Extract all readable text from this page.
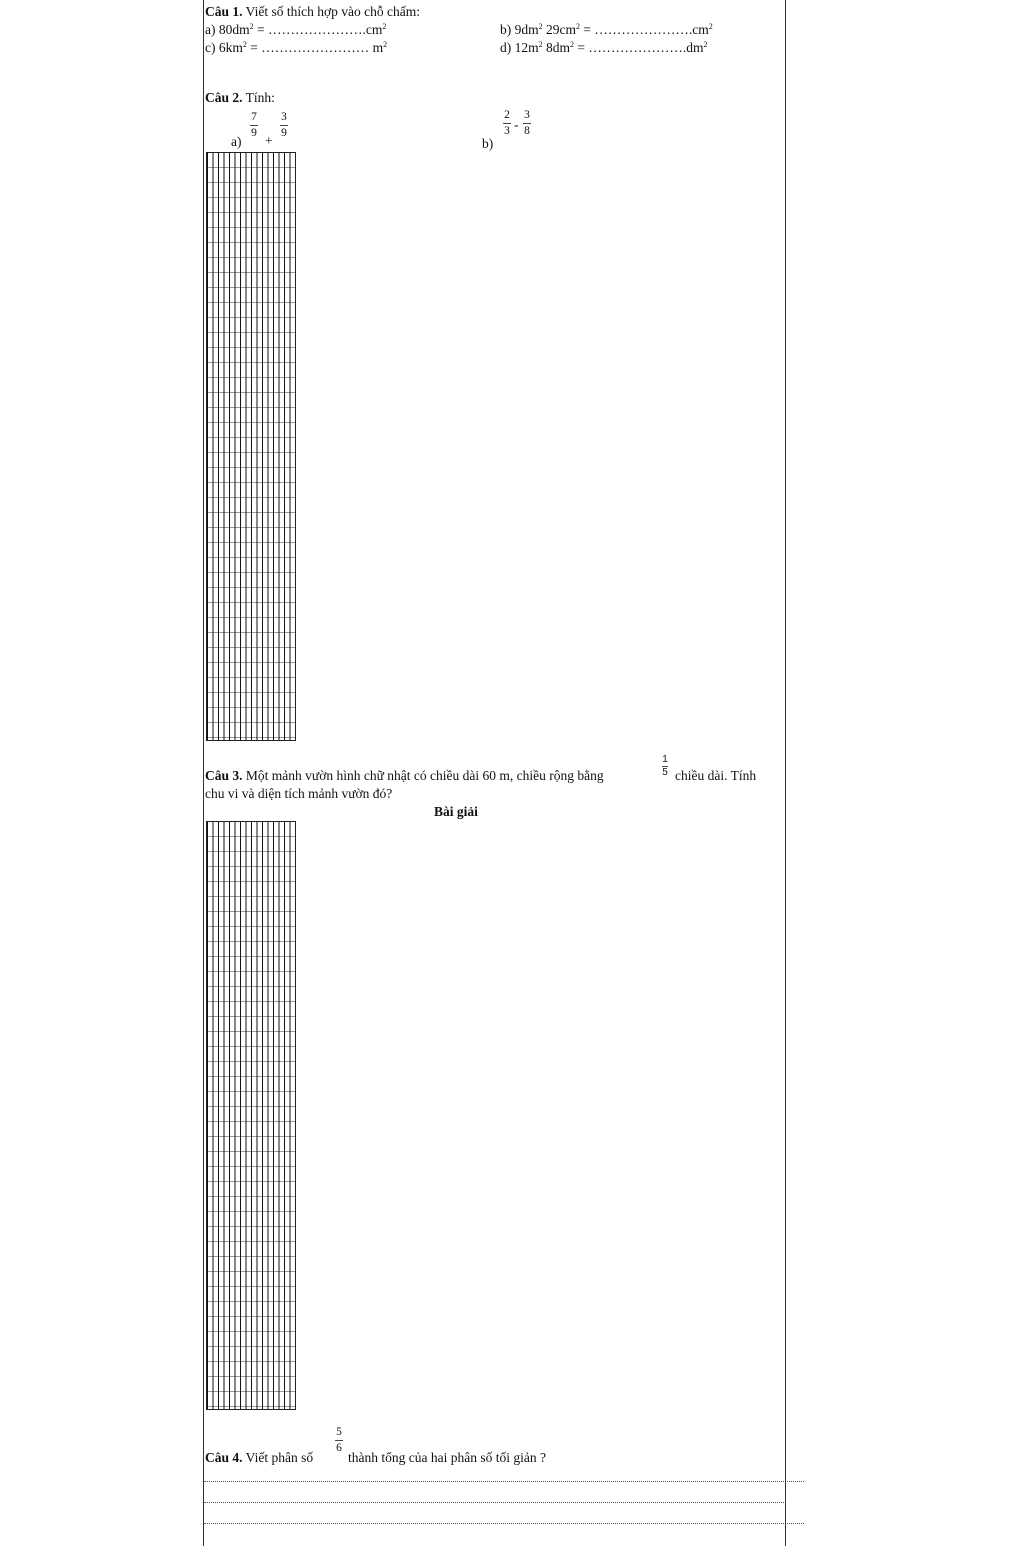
Câu 1. Viết số thích hợp vào chỗ chấm:
a) $80dm^2$ = $\dots\dots\dots\dots\dots\dots\dots.cm^2$	b) $9dm^2$ $29cm^2$ = $\dots\dots\dots\dots\dots\dots\dots.cm^2$
c) $6km^2$ = …………………… $m^2$	d) $12m^2$ $8dm^2$ = $\dots\dots\dots\dots\dots\dots\dots.dm^2$
Câu 2. Tính:
a)
7
9 +
3
9
b)
2
3 -
3
8
Câu 3. Một mảnh vườn hình chữ nhật có chiều dài 60 m, chiều rộng bằng
1
5 chiều dài. Tính
chu vi và diện tích mảnh vườn đó?
Bài giải
5
6
Câu 4. Viết phân số	thành tổng của hai phân số tối giản ?
